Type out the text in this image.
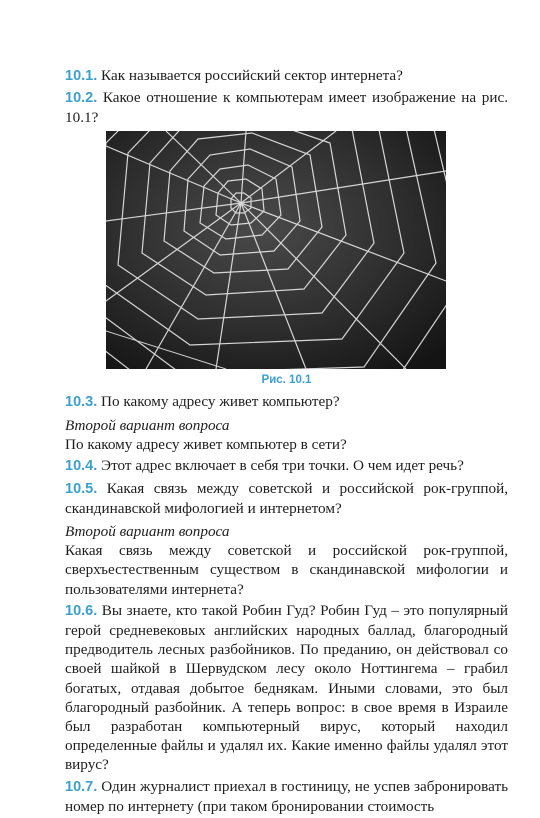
10.1. Как называется российский сектор интернета?

10.2. Какое отношение к компьютерам имеет изображение на рис. 10.1?

Рис. 10.1

10.3. По какому адресу живет компьютер?

Второй вариант вопроса

По какому адресу живет компьютер в сети?

10.4. Этот адрес включает в себя три точки. О чем идет речь?

10.5. Какая связь между советской и российской рок-группой, скандинавской мифологией и интернетом?

Второй вариант вопроса

Какая связь между советской и российской рок-группой, сверхъестественным существом в скандинавской мифологии и пользователями интернета?

10.6. Вы знаете, кто такой Робин Гуд? Робин Гуд – это популярный герой средневековых английских народных баллад, благородный предводитель лесных разбойников. По преданию, он действовал со своей шайкой в Шервудском лесу около Ноттингема – грабил богатых, отдавая добытое беднякам. Иными словами, это был благородный разбойник. А теперь вопрос: в свое время в Израиле был разработан компьютерный вирус, который находил определенные файлы и удалял их. Какие именно файлы удалял этот вирус?

10.7. Один журналист приехал в гостиницу, не успев забронировать номер по интернету (при таком бронировании стоимость
